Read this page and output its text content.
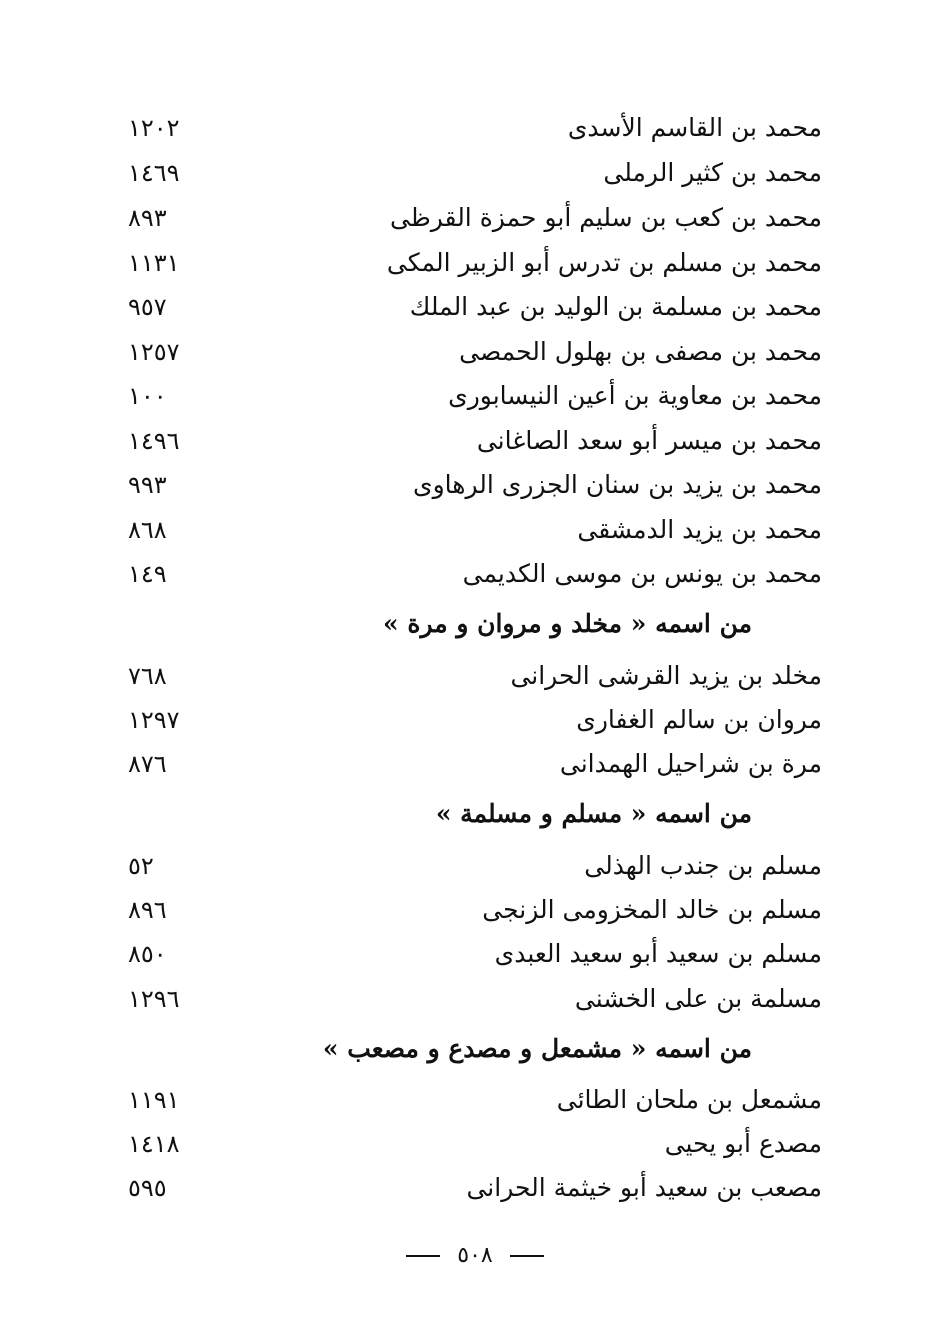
محمد بن القاسم الأسدى
١٢٠٢
محمد بن كثير الرملى
١٤٦٩
محمد بن كعب بن سليم أبو حمزة القرظى
٨٩٣
محمد بن مسلم بن تدرس أبو الزبير المكى
١١٣١
محمد بن مسلمة بن الوليد بن عبد الملك
٩٥٧
محمد بن مصفى بن بهلول الحمصى
١٢٥٧
محمد بن معاوية بن أعين النيسابورى
١٠٠
محمد بن ميسر أبو سعد الصاغانى
١٤٩٦
محمد بن يزيد بن سنان الجزرى الرهاوى
٩٩٣
محمد بن يزيد الدمشقى
٨٦٨
محمد بن يونس بن موسى الكديمى
١٤٩
من اسمه « مخلد و مروان و مرة »
مخلد بن يزيد القرشى الحرانى
٧٦٨
مروان بن سالم الغفارى
١٢٩٧
مرة بن شراحيل الهمدانى
٨٧٦
من اسمه « مسلم و مسلمة »
مسلم بن جندب الهذلى
٥٢
مسلم بن خالد المخزومى الزنجى
٨٩٦
مسلم بن سعيد أبو سعيد العبدى
٨٥٠
مسلمة بن على الخشنى
١٢٩٦
من اسمه « مشمعل و مصدع و مصعب »
مشمعل بن ملحان الطائى
١١٩١
مصدع أبو يحيى
١٤١٨
مصعب بن سعيد أبو خيثمة الحرانى
٥٩٥
٥٠٨
